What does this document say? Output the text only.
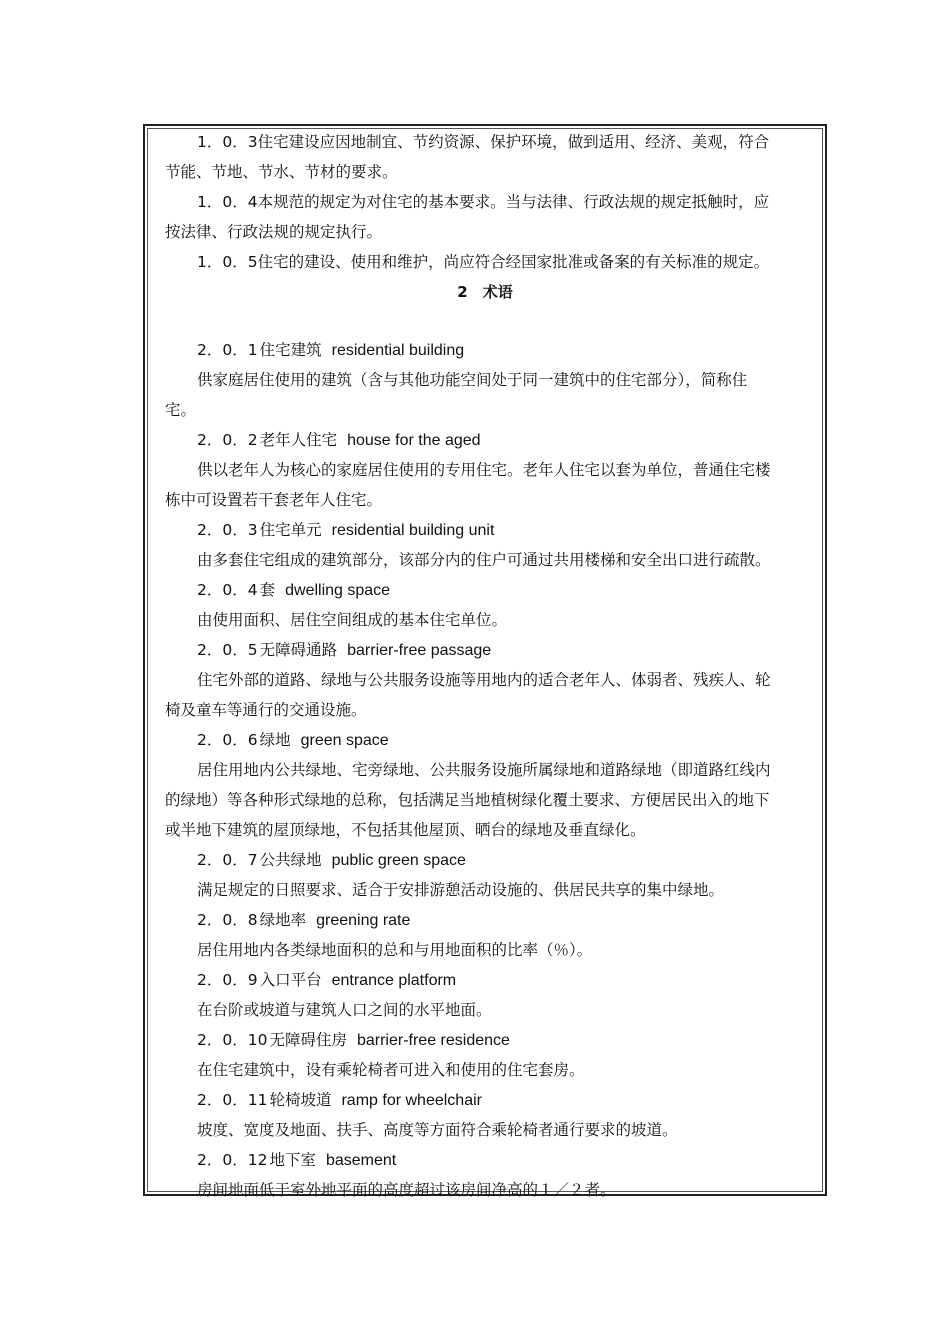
1．0．3住宅建设应因地制宜、节约资源、保护环境，做到适用、经济、美观，符合
节能、节地、节水、节材的要求。
1．0．4本规范的规定为对住宅的基本要求。当与法律、行政法规的规定抵触时，应
按法律、行政法规的规定执行。
1．0．5住宅的建设、使用和维护，尚应符合经国家批准或备案的有关标准的规定。
2　术语
2．0．1 住宅建筑 residential building
供家庭居住使用的建筑（含与其他功能空间处于同一建筑中的住宅部分），简称住
宅。
2．0．2 老年人住宅 house for the aged
供以老年人为核心的家庭居住使用的专用住宅。老年人住宅以套为单位，普通住宅楼
栋中可设置若干套老年人住宅。
2．0．3 住宅单元 residential building unit
由多套住宅组成的建筑部分，该部分内的住户可通过共用楼梯和安全出口进行疏散。
2．0．4 套 dwelling space
由使用面积、居住空间组成的基本住宅单位。
2．0．5 无障碍通路 barrier-free passage
住宅外部的道路、绿地与公共服务设施等用地内的适合老年人、体弱者、残疾人、轮
椅及童车等通行的交通设施。
2．0．6 绿地 green space
居住用地内公共绿地、宅旁绿地、公共服务设施所属绿地和道路绿地（即道路红线内
的绿地）等各种形式绿地的总称，包括满足当地植树绿化覆土要求、方便居民出入的地下
或半地下建筑的屋顶绿地，不包括其他屋顶、晒台的绿地及垂直绿化。
2．0．7 公共绿地 public green space
满足规定的日照要求、适合于安排游憩活动设施的、供居民共享的集中绿地。
2．0．8 绿地率 greening rate
居住用地内各类绿地面积的总和与用地面积的比率（％）。
2．0．9 入口平台 entrance platform
在台阶或坡道与建筑人口之间的水平地面。
2．0．10 无障碍住房 barrier-free residence
在住宅建筑中，设有乘轮椅者可进入和使用的住宅套房。
2．0．11 轮椅坡道 ramp for wheelchair
坡度、宽度及地面、扶手、高度等方面符合乘轮椅者通行要求的坡道。
2．0．12 地下室 basement
房间地面低于室外地平面的高度超过该房间净高的１／２者。
